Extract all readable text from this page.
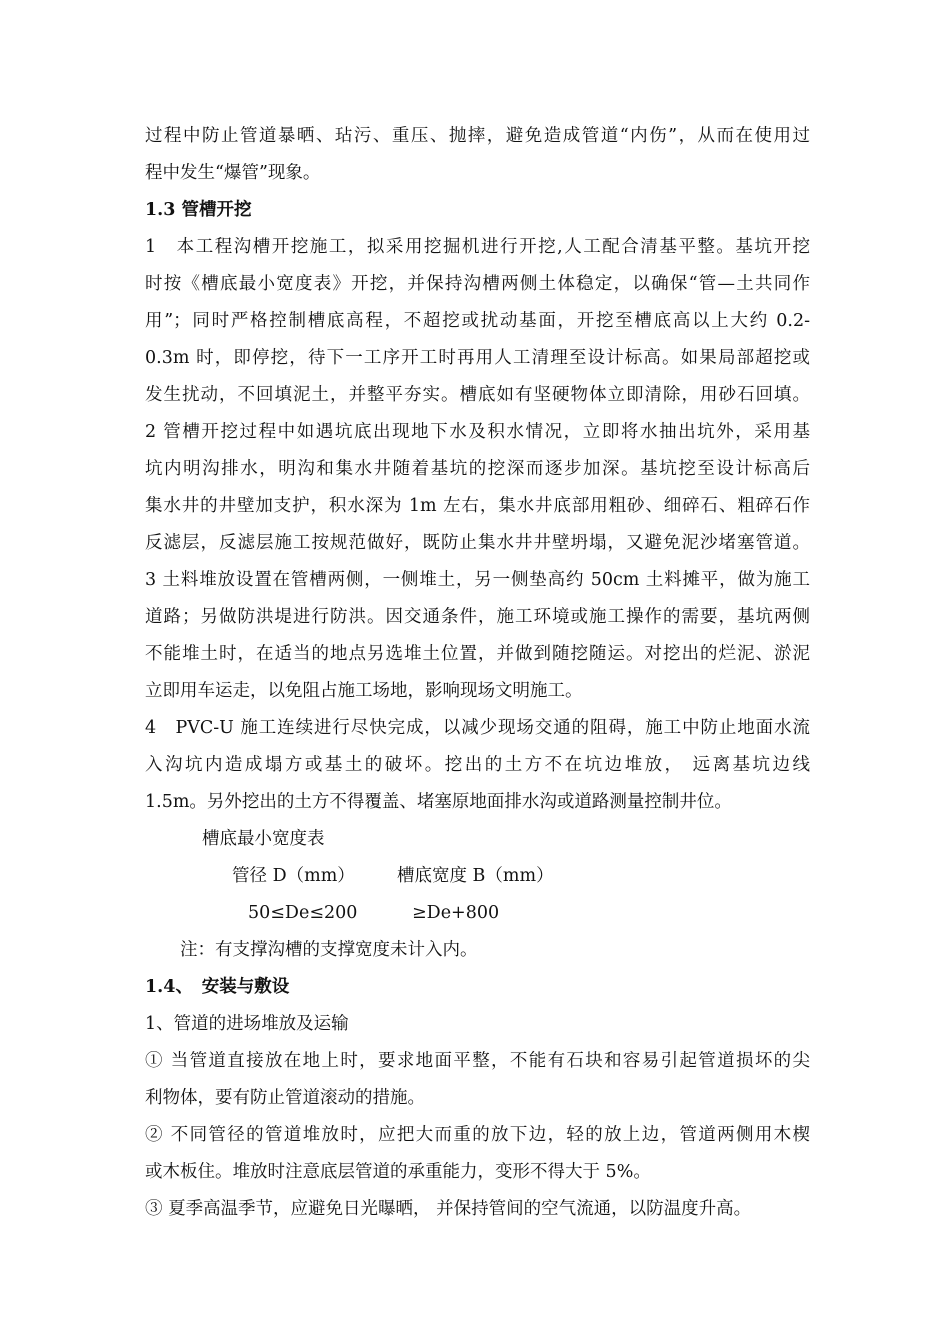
过程中防止管道暴晒、玷污、重压、抛摔，避免造成管道“内伤”，从而在使用过
程中发生“爆管”现象。
1.3 管槽开挖
1　本工程沟槽开挖施工，拟采用挖掘机进行开挖,人工配合清基平整。基坑开挖
时按《槽底最小宽度表》开挖，并保持沟槽两侧土体稳定，以确保“管—土共同作
用”；同时严格控制槽底高程，不超挖或扰动基面，开挖至槽底高以上大约 0.2-
0.3m 时，即停挖，待下一工序开工时再用人工清理至设计标高。如果局部超挖或
发生扰动，不回填泥土，并整平夯实。槽底如有坚硬物体立即清除，用砂石回填。
2 管槽开挖过程中如遇坑底出现地下水及积水情况，立即将水抽出坑外，采用基
坑内明沟排水，明沟和集水井随着基坑的挖深而逐步加深。基坑挖至设计标高后
集水井的井壁加支护，积水深为 1m 左右，集水井底部用粗砂、细碎石、粗碎石作
反滤层，反滤层施工按规范做好，既防止集水井井壁坍塌，又避免泥沙堵塞管道。
3 土料堆放设置在管槽两侧，一侧堆土，另一侧垫高约 50cm 土料摊平，做为施工
道路；另做防洪堤进行防洪。因交通条件，施工环境或施工操作的需要，基坑两侧
不能堆土时，在适当的地点另选堆土位置，并做到随挖随运。对挖出的烂泥、淤泥
立即用车运走，以免阻占施工场地，影响现场文明施工。
4　PVC-U 施工连续进行尽快完成，以减少现场交通的阻碍，施工中防止地面水流
入沟坑内造成塌方或基土的破坏。挖出的土方不在坑边堆放， 远离基坑边线
1.5m。另外挖出的土方不得覆盖、堵塞原地面排水沟或道路测量控制井位。
槽底最小宽度表
管径 D（mm） 槽底宽度 B（mm）
50≤De≤200	≥De+800
注：有支撑沟槽的支撑宽度未计入内。
1.4、　安装与敷设
1、管道的进场堆放及运输
① 当管道直接放在地上时，要求地面平整，不能有石块和容易引起管道损坏的尖
利物体，要有防止管道滚动的措施。
② 不同管径的管道堆放时，应把大而重的放下边，轻的放上边，管道两侧用木楔
或木板住。堆放时注意底层管道的承重能力，变形不得大于 5%。
③ 夏季高温季节，应避免日光曝晒， 并保持管间的空气流通，以防温度升高。
